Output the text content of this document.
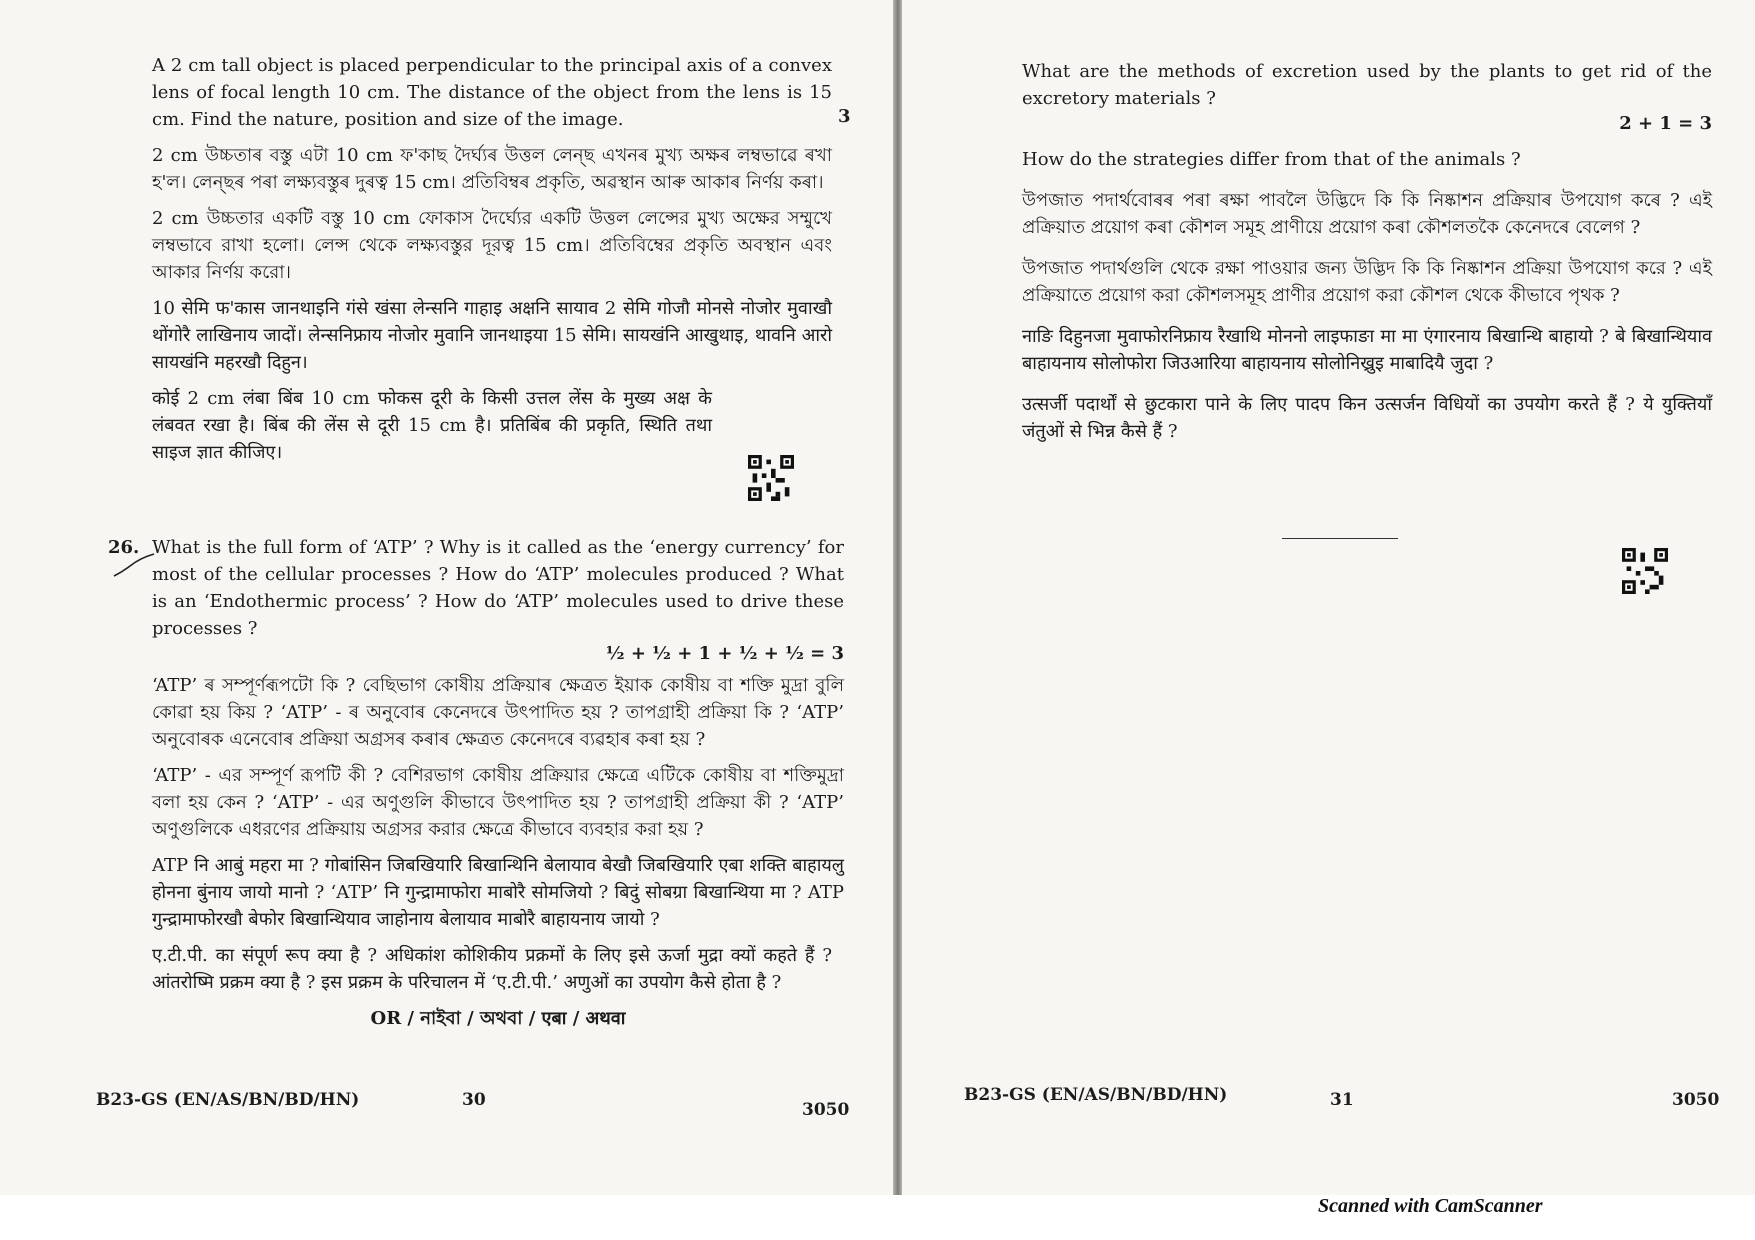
A 2 cm tall object is placed perpendicular to the principal axis of a convex lens of focal length 10 cm. The distance of the object from the lens is 15 cm. Find the nature, position and size of the image.

2 cm উচ্চতাৰ বস্তু এটা 10 cm ফ'কাছ দৈৰ্ঘ্যৰ উত্তল লেন্ছ এখনৰ মুখ্য অক্ষৰ লম্বভাৱে ৰখা হ'ল। লেন্ছৰ পৰা লক্ষ্যবস্তুৰ দুৰত্ব 15 cm। প্ৰতিবিম্বৰ প্ৰকৃতি, অৱস্থান আৰু আকাৰ নিৰ্ণয় কৰা।

2 cm উচ্চতার একটি বস্তু 10 cm ফোকাস দৈর্ঘ্যের একটি উত্তল লেন্সের মুখ্য অক্ষের সম্মুখে লম্বভাবে রাখা হলো। লেন্স থেকে লক্ষ্যবস্তুর দূরত্ব 15 cm। প্রতিবিম্বের প্রকৃতি অবস্থান এবং আকার নির্ণয় করো।

10 सेमि फ'कास जानथाइनि गंसे खंसा लेन्सनि गाहाइ अक्षनि सायाव 2 सेमि गोजौ मोनसे नोजोर मुवाखौ थोंगोरै लाखिनाय जादों। लेन्सनिफ्राय नोजोर मुवानि जानथाइया 15 सेमि। सायखंनि आखुथाइ, थावनि आरो सायखंनि महरखौ दिहुन।

कोई 2 cm लंबा बिंब 10 cm फोकस दूरी के किसी उत्तल लेंस के मुख्य अक्ष के लंबवत रखा है। बिंब की लेंस से दूरी 15 cm है। प्रतिबिंब की प्रकृति, स्थिति तथा साइज ज्ञात कीजिए।

3
26. What is the full form of ‘ATP’ ? Why is it called as the ‘energy currency’ for most of the cellular processes ? How do ‘ATP’ molecules produced ? What is an ‘Endothermic process’ ? How do ‘ATP’ molecules used to drive these processes ?

½ + ½ + 1 + ½ + ½ = 3

‘ATP’ ৰ সম্পূৰ্ণৰূপটো কি ? বেছিভাগ কোষীয় প্ৰক্ৰিয়াৰ ক্ষেত্ৰত ইয়াক কোষীয় বা শক্তি মুদ্ৰা বুলি কোৱা হয় কিয় ? ‘ATP’ - ৰ অনুবোৰ কেনেদৰে উৎপাদিত হয় ? তাপগ্ৰাহী প্ৰক্ৰিয়া কি ? ‘ATP’ অনুবোৰক এনেবোৰ প্ৰক্ৰিয়া অগ্ৰসৰ কৰাৰ ক্ষেত্ৰত কেনেদৰে ব্যৱহাৰ কৰা হয় ?

‘ATP’ - এর সম্পূর্ণ রূপটি কী ? বেশিরভাগ কোষীয় প্রক্রিয়ার ক্ষেত্রে এটিকে কোষীয় বা শক্তিমুদ্রা বলা হয় কেন ? ‘ATP’ - এর অণুগুলি কীভাবে উৎপাদিত হয় ? তাপগ্রাহী প্রক্রিয়া কী ? ‘ATP’ অণুগুলিকে এধরণের প্রক্রিয়ায় অগ্রসর করার ক্ষেত্রে কীভাবে ব্যবহার করা হয় ?

ATP नि आबुं महरा मा ? गोबांसिन जिबखियारि बिखान्थिनि बेलायाव बेखौ जिबखियारि एबा शक्ति बाहायलु होनना बुंनाय जायो मानो ? ‘ATP’ नि गुन्द्रामाफोरा माबोरै सोमजियो ? बिदुं सोबग्रा बिखान्थिया मा ? ATP गुन्द्रामाफोरखौ बेफोर बिखान्थियाव जाहोनाय बेलायाव माबोरै बाहायनाय जायो ?

ए.टी.पी. का संपूर्ण रूप क्या है ? अधिकांश कोशिकीय प्रक्रमों के लिए इसे ऊर्जा मुद्रा क्यों कहते हैं ? आंतरोष्मि प्रक्रम क्या है ? इस प्रक्रम के परिचालन में ‘ए.टी.पी.’ अणुओं का उपयोग कैसे होता है ?

OR / নাইবা / অথবা / एबा / अथवा
B23-GS (EN/AS/BN/BD/HN)	30	3050

What are the methods of excretion used by the plants to get rid of the excretory materials ?

2 + 1 = 3

How do the strategies differ from that of the animals ?

উপজাত পদাৰ্থবোৰৰ পৰা ৰক্ষা পাবলৈ উদ্ভিদে কি কি নিষ্কাশন প্ৰক্ৰিয়াৰ উপযোগ কৰে ? এই প্ৰক্ৰিয়াত প্ৰয়োগ কৰা কৌশল সমূহ প্ৰাণীয়ে প্ৰয়োগ কৰা কৌশলতকৈ কেনেদৰে বেলেগ ?

উপজাত পদার্থগুলি থেকে রক্ষা পাওয়ার জন্য উদ্ভিদ কি কি নিষ্কাশন প্রক্রিয়া উপযোগ করে ? এই প্রক্রিয়াতে প্রয়োগ করা কৌশলসমূহ প্রাণীর প্রয়োগ করা কৌশল থেকে কীভাবে পৃথক ?

नाङि दिहुनजा मुवाफोरनिफ्राय रैखाथि मोननो लाइफाङा मा मा एंगारनाय बिखान्थि बाहायो ? बे बिखान्थियाव बाहायनाय सोलोफोरा जिउआरिया बाहायनाय सोलोनिख्रुइ माबादियै जुदा ?

उत्सर्जी पदार्थों से छुटकारा पाने के लिए पादप किन उत्सर्जन विधियों का उपयोग करते हैं ? ये युक्तियाँ जंतुओं से भिन्न कैसे हैं ?

B23-GS (EN/AS/BN/BD/HN)	31	3050
Scanned with CamScanner
